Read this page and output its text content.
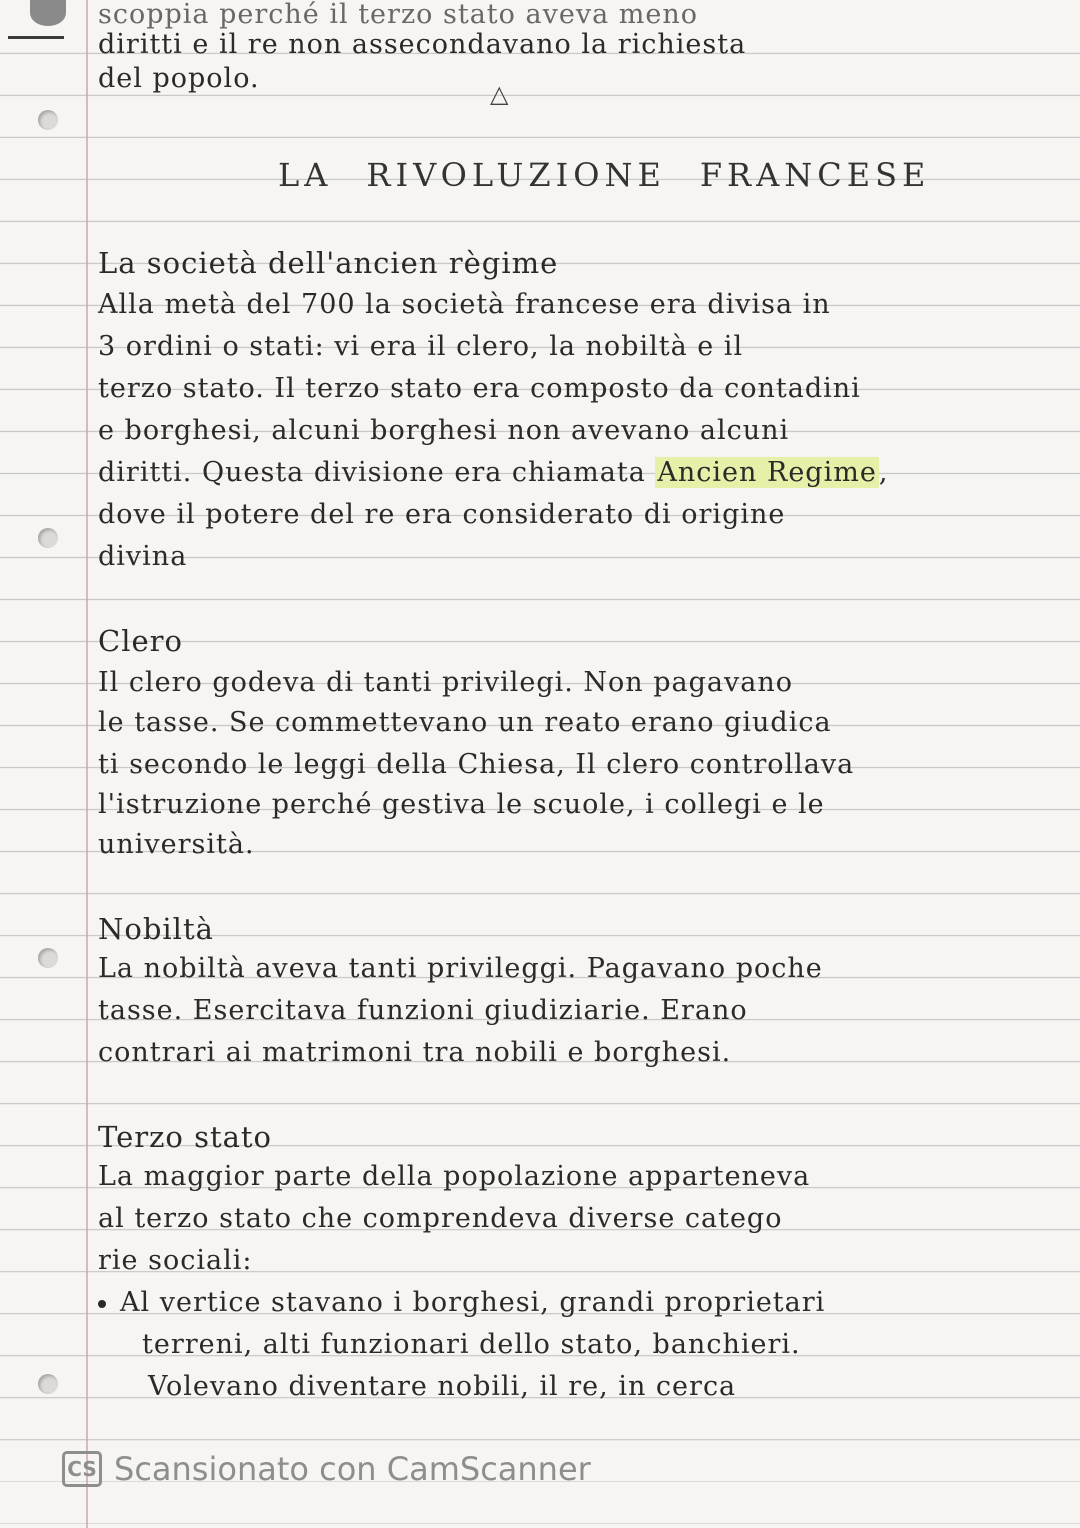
scoppia perché il terzo stato aveva meno
diritti e il re non assecondavano la richiesta
del popolo.	△
LA RIVOLUZIONE FRANCESE
La società dell'ancien règime
Alla metà del 700 la società francese era divisa in
3 ordini o stati: vi era il clero, la nobiltà e il
terzo stato. Il terzo stato era composto da contadini
e borghesi, alcuni borghesi non avevano alcuni
diritti. Questa divisione era chiamata Ancien Regime,
dove il potere del re era considerato di origine
divina
Clero
Il clero godeva di tanti privilegi. Non pagavano
le tasse. Se commettevano un reato erano giudica
ti secondo le leggi della Chiesa, Il clero controllava
l'istruzione perché gestiva le scuole, i collegi e le
università.
Nobiltà
La nobiltà aveva tanti privileggi. Pagavano poche
tasse. Esercitava funzioni giudiziarie. Erano
contrari ai matrimoni tra nobili e borghesi.
Terzo stato
La maggior parte della popolazione apparteneva
al terzo stato che comprendeva diverse catego
rie sociali:
Al vertice stavano i borghesi, grandi proprietari
terreni, alti funzionari dello stato, banchieri.
Volevano diventare nobili, il re, in cerca
CS Scansionato con CamScanner
